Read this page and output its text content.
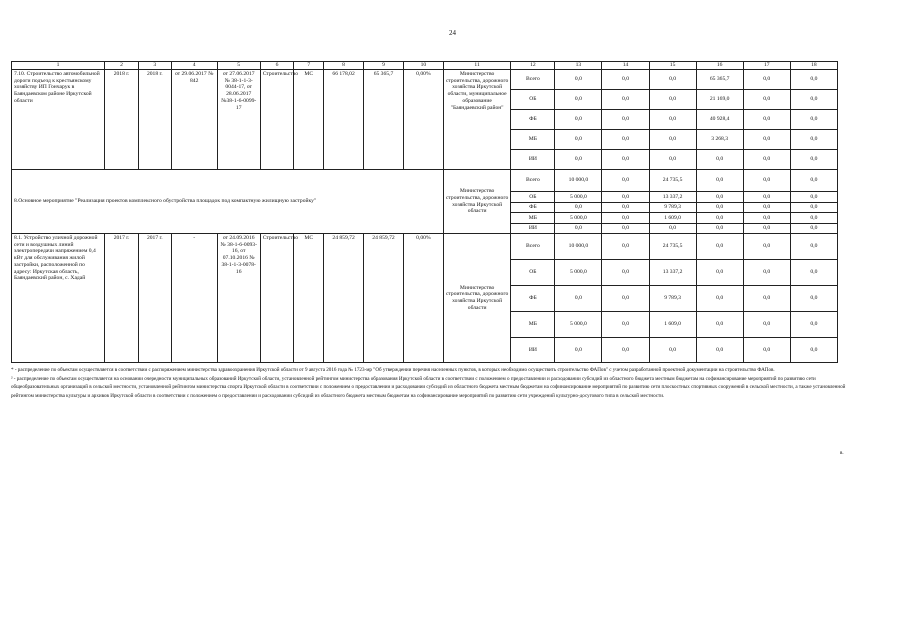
24
1	2	3	4	5	6	7	8	9	10	11	12	13	14	15	16	17	18
7.10. Строительство автомобильной дороги подъезд к крестьянскому хозяйству ИП Гончарук в Баяндаевском районе Иркутской области	2018 г.	2018 г.	от 29.06.2017 № 842	от 27.06.2017 № 38-1-1-3-0044-17, от 28.06.2017 №38-1-6-0099-17	Строительство	МС	66 178,02	65 365,7	0,00%	Министерство строительства, дорожного хозяйства Иркутской области, муниципальное образование "Баяндаевский район"	Всего	0,0	0,0	0,0	65 365,7	0,0	0,0
											ОБ	0,0	0,0	0,0	21 169,0	0,0	0,0
											ФБ	0,0	0,0	0,0	40 928,4	0,0	0,0
											МБ	0,0	0,0	0,0	3 268,3	0,0	0,0
											ИИ	0,0	0,0	0,0	0,0	0,0	0,0
8.Основное мероприятие "Реализация проектов комплексного обустройства площадок под компактную жилищную застройку"										Министерство строительства, дорожного хозяйства Иркутской области	Всего	10 000,0	0,0	24 735,5	0,0	0,0	0,0
											ОБ	5 000,0	0,0	13 337,2	0,0	0,0	0,0
											ФБ	0,0	0,0	9 789,3	0,0	0,0	0,0
											МБ	5 000,0	0,0	1 609,0	0,0	0,0	0,0
											ИИ	0,0	0,0	0,0	0,0	0,0	0,0
8.1. Устройство уличной дорожной сети и воздушных линий электропередачи напряжением 0,4 кВт для обслуживания жилой застройки, расположенной по адресу: Иркутская область, Баяндаевский район, с. Хадай	2017 г.	2017 г.	-	от 24.09.2016 № 38-1-6-0093-16, от 07.10.2016 № 38-1-1-3-0078-16	Строительство	МС	24 859,72	24 859,72	0,00%	Министерство строительства, дорожного хозяйства Иркутской области	Всего	10 000,0	0,0	24 735,5	0,0	0,0	0,0
											ОБ	5 000,0	0,0	13 337,2	0,0	0,0	0,0
											ФБ	0,0	0,0	9 789,3	0,0	0,0	0,0
											МБ	5 000,0	0,0	1 609,0	0,0	0,0	0,0
											ИИ	0,0	0,0	0,0	0,0	0,0	0,0

* - распределение по объектам осуществляется в соответствии с распоряжением министерства здравоохранения Иркутской области от 9 августа 2016 года № 1723-мр "Об утверждении перечня населенных пунктов, в которых необходимо осуществить строительство ФАПов" с учетом разработанной проектной документации на строительство ФАПов.

² - распределение по объектам осуществляется на основании очередности муниципальных образований Иркутской области, установленной рейтингом министерства образования Иркутской области в соответствии с положением о предоставлении и расходовании субсидий из областного бюджета местным бюджетам на софинансирование мероприятий по развитию сети общеобразовательных организаций в сельской местности, установленной рейтингом министерства спорта Иркутской области в соответствии с положением о предоставлении и расходовании субсидий из областного бюджета местным бюджетам на софинансирование мероприятий по развитию сети плоскостных спортивных сооружений в сельской местности, а также установленной рейтингом министерства культуры и архивов Иркутской области в соответствии с положением о предоставлении и расходовании субсидий из областного бюджета местным бюджетам на софинансирование мероприятий по развитию сети учреждений культурно-досугового типа в сельской местности.

в.
